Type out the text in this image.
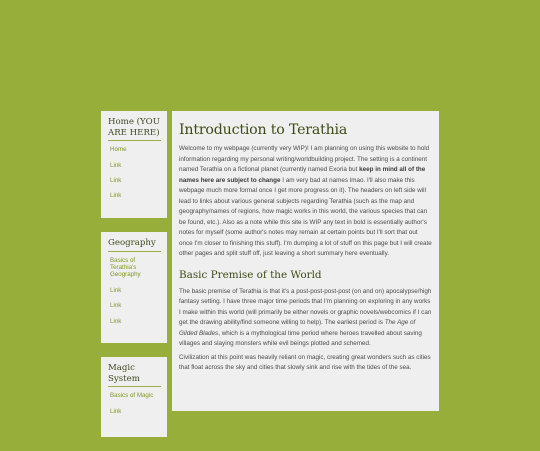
Home (YOU ARE HERE)
Home
Link
Link
Link
Geography
Basics of Terathia's Geography
Link
Link
Link
Magic System
Basics of Magic
Link
Introduction to Terathia

Welcome to my webpage (currently very WIP)! I am planning on using this website to hold information regarding my personal writing/worldbuilding project. The setting is a continent named Terathia on a fictional planet (currently named Exoria but keep in mind all of the names here are subject to change I am very bad at names lmao. I'll also make this webpage much more formal once I get more progress on it). The headers on left side will lead to links about various general subjects regarding Terathia (such as the map and geography/names of regions, how magic works in this world, the various species that can be found, etc.). Also as a note while this site is WIP any text in bold is essentially author's notes for myself (some author's notes may remain at certain points but I'll sort that out once I'm closer to finishing this stuff). I'm dumping a lot of stuff on this page but I will create other pages and split stuff off, just leaving a short summary here eventually.

Basic Premise of the World

The basic premise of Terathia is that it's a post-post-post-post (on and on) apocalypse/high fantasy setting. I have three major time periods that I'm planning on exploring in any works I make within this world (will primarily be either novels or graphic novels/webcomics if I can get the drawing ability/find someone willing to help). The earliest period is The Age of Gilded Blades, which is a mythological time period where heroes travelled about saving villages and slaying monsters while evil beings plotted and schemed.

Civilization at this point was heavily reliant on magic, creating great wonders such as cities that float across the sky and cities that slowly sink and rise with the tides of the sea.
